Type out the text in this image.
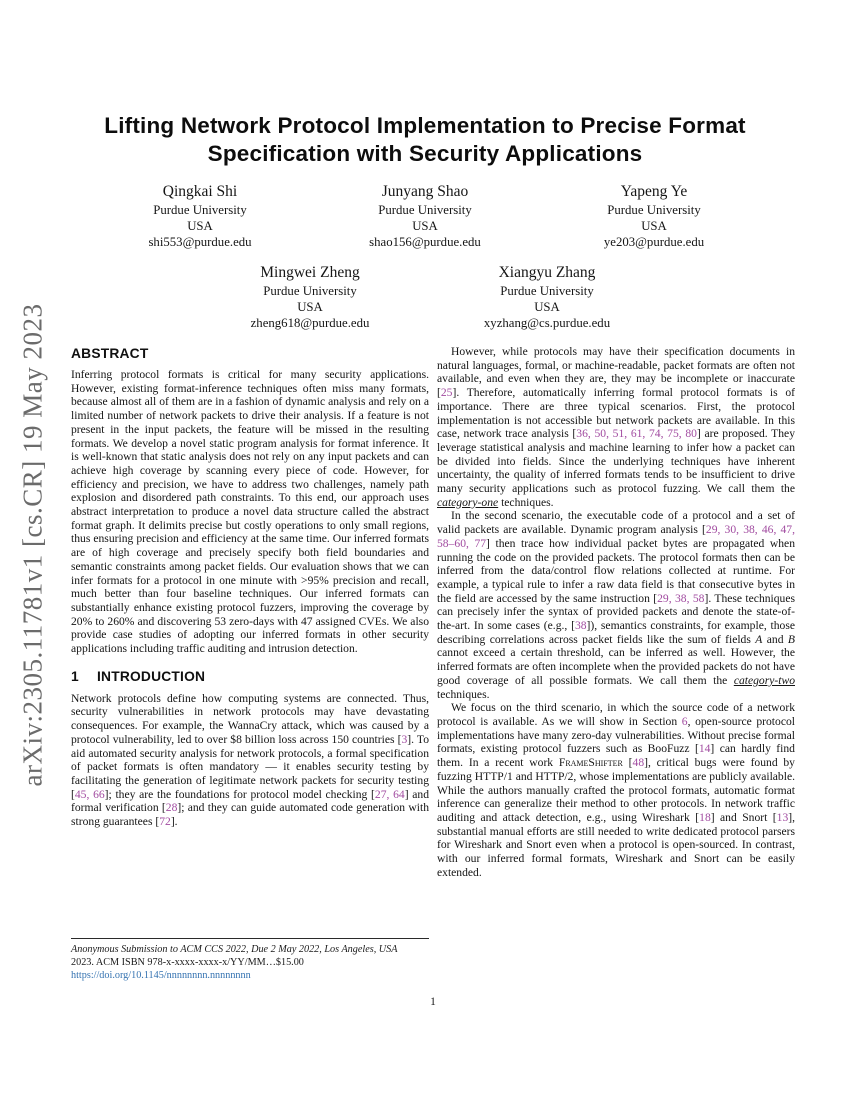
arXiv:2305.11781v1 [cs.CR] 19 May 2023
Lifting Network Protocol Implementation to Precise Format
Specification with Security Applications
Qingkai Shi
Purdue University
USA
shi553@purdue.edu
Junyang Shao
Purdue University
USA
shao156@purdue.edu
Yapeng Ye
Purdue University
USA
ye203@purdue.edu
Mingwei Zheng
Purdue University
USA
zheng618@purdue.edu
Xiangyu Zhang
Purdue University
USA
xyzhang@cs.purdue.edu
ABSTRACT

Inferring protocol formats is critical for many security applications. However, existing format-inference techniques often miss many formats, because almost all of them are in a fashion of dynamic analysis and rely on a limited number of network packets to drive their analysis. If a feature is not present in the input packets, the feature will be missed in the resulting formats. We develop a novel static program analysis for format inference. It is well-known that static analysis does not rely on any input packets and can achieve high coverage by scanning every piece of code. However, for efficiency and precision, we have to address two challenges, namely path explosion and disordered path constraints. To this end, our approach uses abstract interpretation to produce a novel data structure called the abstract format graph. It delimits precise but costly operations to only small regions, thus ensuring precision and efficiency at the same time. Our inferred formats are of high coverage and precisely specify both field boundaries and semantic constraints among packet fields. Our evaluation shows that we can infer formats for a protocol in one minute with >95% precision and recall, much better than four baseline techniques. Our inferred formats can substantially enhance existing protocol fuzzers, improving the coverage by 20% to 260% and discovering 53 zero-days with 47 assigned CVEs. We also provide case studies of adopting our inferred formats in other security applications including traffic auditing and intrusion detection.

1 INTRODUCTION

Network protocols define how computing systems are connected. Thus, security vulnerabilities in network protocols may have devastating consequences. For example, the WannaCry attack, which was caused by a protocol vulnerability, led to over $8 billion loss across 150 countries [3]. To aid automated security analysis for network protocols, a formal specification of packet formats is often mandatory — it enables security testing by facilitating the generation of legitimate network packets for security testing [45, 66]; they are the foundations for protocol model checking [27, 64] and formal verification [28]; and they can guide automated code generation with strong guarantees [72].

However, while protocols may have their specification documents in natural languages, formal, or machine-readable, packet formats are often not available, and even when they are, they may be incomplete or inaccurate [25]. Therefore, automatically inferring formal protocol formats is of importance. There are three typical scenarios. First, the protocol implementation is not accessible but network packets are available. In this case, network trace analysis [36, 50, 51, 61, 74, 75, 80] are proposed. They leverage statistical analysis and machine learning to infer how a packet can be divided into fields. Since the underlying techniques have inherent uncertainty, the quality of inferred formats tends to be insufficient to drive many security applications such as protocol fuzzing. We call them the category-one techniques.

In the second scenario, the executable code of a protocol and a set of valid packets are available. Dynamic program analysis [29, 30, 38, 46, 47, 58–60, 77] then trace how individual packet bytes are propagated when running the code on the provided packets. The protocol formats then can be inferred from the data/control flow relations collected at runtime. For example, a typical rule to infer a raw data field is that consecutive bytes in the field are accessed by the same instruction [29, 38, 58]. These techniques can precisely infer the syntax of provided packets and denote the state-of-the-art. In some cases (e.g., [38]), semantics constraints, for example, those describing correlations across packet fields like the sum of fields A and B cannot exceed a certain threshold, can be inferred as well. However, the inferred formats are often incomplete when the provided packets do not have good coverage of all possible formats. We call them the category-two techniques.

We focus on the third scenario, in which the source code of a network protocol is available. As we will show in Section 6, open-source protocol implementations have many zero-day vulnerabilities. Without precise formal formats, existing protocol fuzzers such as BooFuzz [14] can hardly find them. In a recent work FrameShifter [48], critical bugs were found by fuzzing HTTP/1 and HTTP/2, whose implementations are publicly available. While the authors manually crafted the protocol formats, automatic format inference can generalize their method to other protocols. In network traffic auditing and attack detection, e.g., using Wireshark [18] and Snort [13], substantial manual efforts are still needed to write dedicated protocol parsers for Wireshark and Snort even when a protocol is open-sourced. In contrast, with our inferred formal formats, Wireshark and Snort can be easily extended.

Anonymous Submission to ACM CCS 2022, Due 2 May 2022, Los Angeles, USA
2023. ACM ISBN 978-x-xxxx-xxxx-x/YY/MM…$15.00
https://doi.org/10.1145/nnnnnnnn.nnnnnnnn
1
